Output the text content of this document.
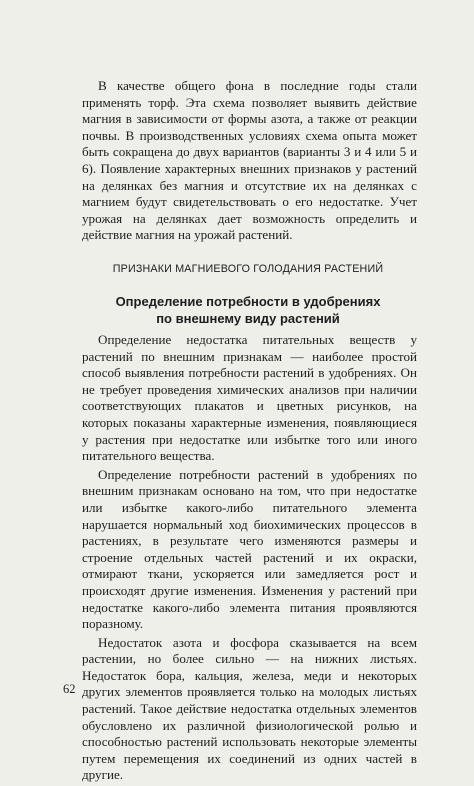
В качестве общего фона в последние годы стали применять торф. Эта схема позволяет выявить действие магния в зависимости от формы азота, а также от реакции почвы. В производственных условиях схема опыта может быть сокращена до двух вариантов (варианты 3 и 4 или 5 и 6). Появление характерных внешних признаков у растений на делянках без магния и отсутствие их на делянках с магнием будут свидетельствовать о его недостатке. Учет урожая на делянках дает возможность определить и действие магния на урожай растений.

ПРИЗНАКИ МАГНИЕВОГО ГОЛОДАНИЯ РАСТЕНИЙ
Определение потребности в удобрениях
по внешнему виду растений

Определение недостатка питательных веществ у растений по внешним признакам — наиболее простой способ выявления потребности растений в удобрениях. Он не требует проведения химических анализов при наличии соответствующих плакатов и цветных рисунков, на которых показаны характерные изменения, появляющиеся у растения при недостатке или избытке того или иного питательного вещества.

Определение потребности растений в удобрениях по внешним признакам основано на том, что при недостатке или избытке какого-либо питательного элемента нарушается нормальный ход биохимических процессов в растениях, в результате чего изменяются размеры и строение отдельных частей растений и их окраски, отмирают ткани, ускоряется или замедляется рост и происходят другие изменения. Изменения у растений при недостатке какого-либо элемента питания проявляются поразному.

Недостаток азота и фосфора сказывается на всем растении, но более сильно — на нижних листьях. Недостаток бора, кальция, железа, меди и некоторых других элементов проявляется только на молодых листьях растений. Такое действие недостатка отдельных элементов обусловлено их различной физиологической ролью и способностью растений использовать некоторые элементы путем перемещения их соединений из одних частей в другие.

62
